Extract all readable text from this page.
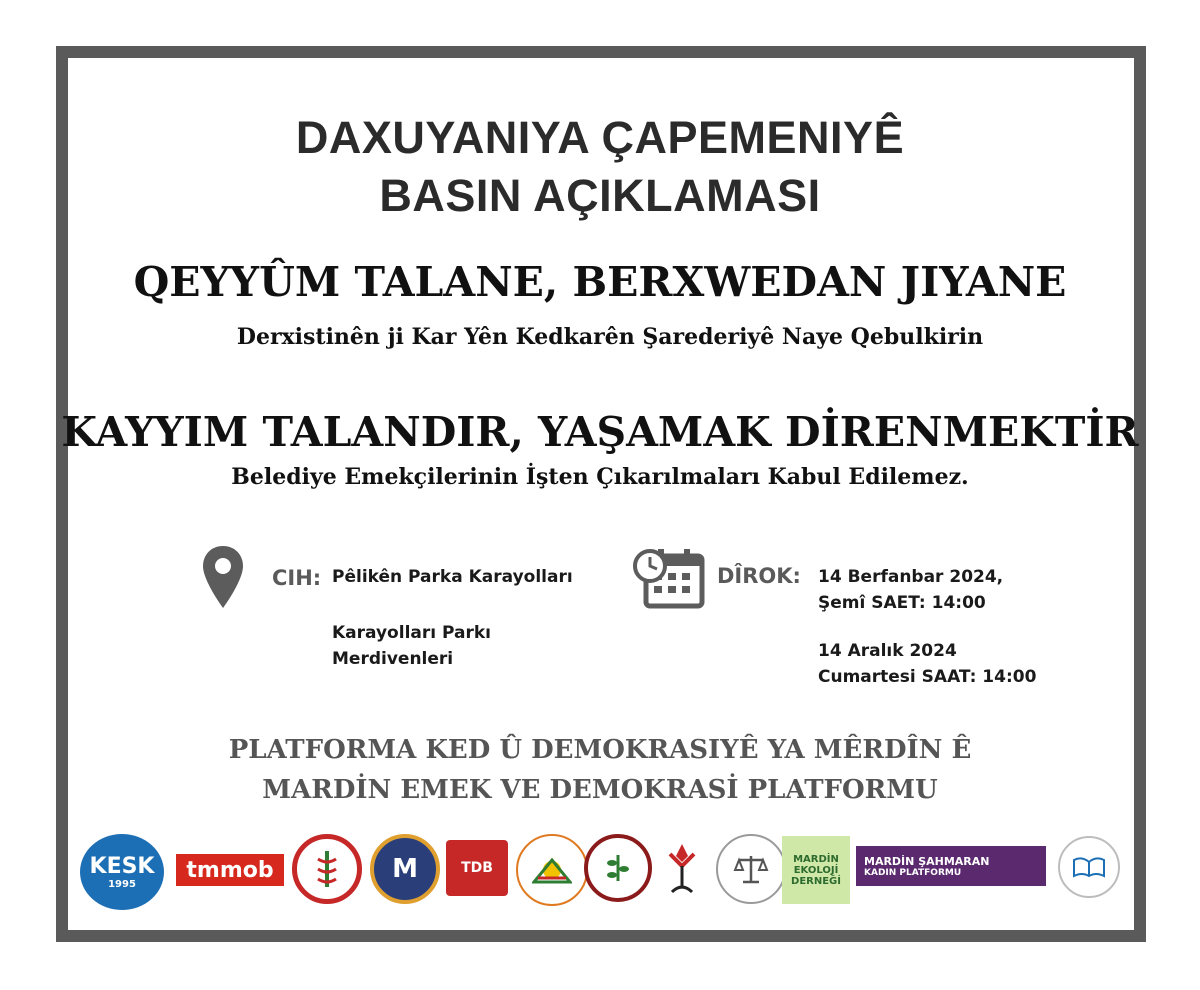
DAXUYANIYA ÇAPEMENIYÊ
BASIN AÇIKLAMASI
QEYYÛM TALANE, BERXWEDAN JIYANE
Derxistinên ji Kar Yên Kedkarên Şarederiyê Naye Qebulkirin
KAYYIM TALANDIR, YAŞAMAK DİRENMEKTİR
Belediye Emekçilerinin İşten Çıkarılmaları Kabul Edilemez.
CIH: Pêlikên Parka Karayolları
Karayolları Parkı
Merdivenleri
DÎROK: 14 Berfanbar 2024,
Şemî SAET: 14:00
14 Aralık 2024
Cumartesi SAAT: 14:00
PLATFORMA KED Û DEMOKRASIYÊ YA MÊRDÎN Ê
MARDİN EMEK VE DEMOKRASİ PLATFORMU
KESK
1995
tmmob	M	TDB
MARDİN
EKOLOJİ
DERNEĞİ
MARDİN ŞAHMARAN
KADIN PLATFORMU
